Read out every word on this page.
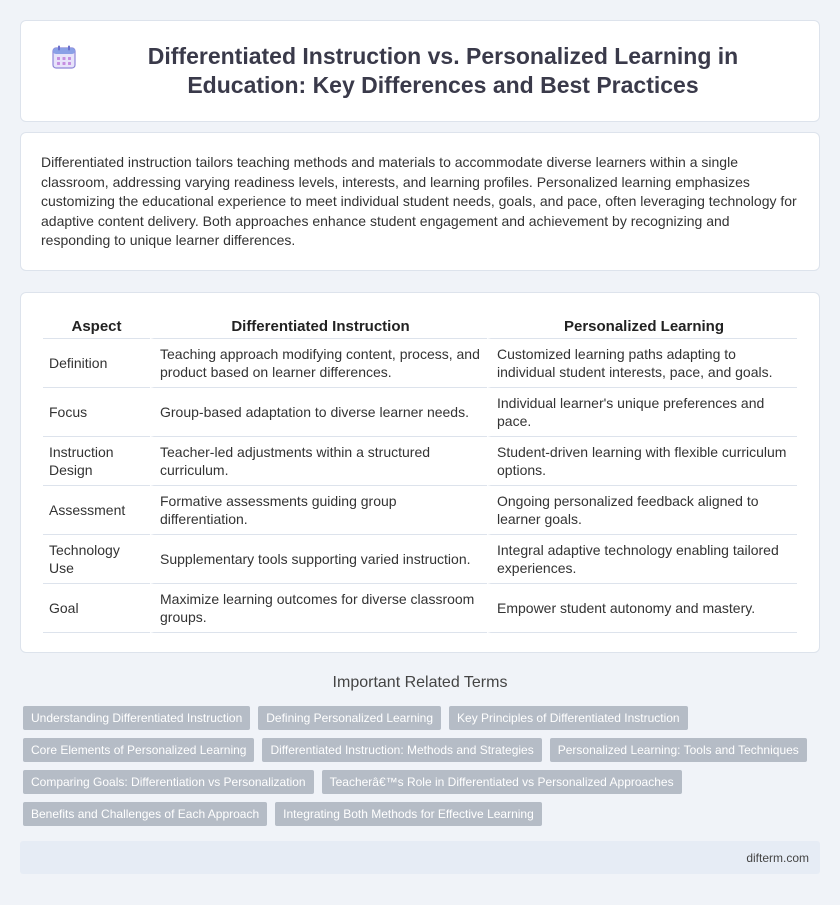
Differentiated Instruction vs. Personalized Learning in Education: Key Differences and Best Practices

Differentiated instruction tailors teaching methods and materials to accommodate diverse learners within a single classroom, addressing varying readiness levels, interests, and learning profiles. Personalized learning emphasizes customizing the educational experience to meet individual student needs, goals, and pace, often leveraging technology for adaptive content delivery. Both approaches enhance student engagement and achievement by recognizing and responding to unique learner differences.

Aspect	Differentiated Instruction	Personalized Learning
Definition	Teaching approach modifying content, process, and product based on learner differences.	Customized learning paths adapting to individual student interests, pace, and goals.
Focus	Group-based adaptation to diverse learner needs.	Individual learner's unique preferences and pace.
Instruction Design	Teacher-led adjustments within a structured curriculum.	Student-driven learning with flexible curriculum options.
Assessment	Formative assessments guiding group differentiation.	Ongoing personalized feedback aligned to learner goals.
Technology Use	Supplementary tools supporting varied instruction.	Integral adaptive technology enabling tailored experiences.
Goal	Maximize learning outcomes for diverse classroom groups.	Empower student autonomy and mastery.
Important Related Terms
Understanding Differentiated Instruction	Defining Personalized Learning	Key Principles of Differentiated Instruction
Core Elements of Personalized Learning	Differentiated Instruction: Methods and Strategies	Personalized Learning: Tools and Techniques
Comparing Goals: Differentiation vs Personalization	Teacherâ€™s Role in Differentiated vs Personalized Approaches
Benefits and Challenges of Each Approach	Integrating Both Methods for Effective Learning
difterm.com
